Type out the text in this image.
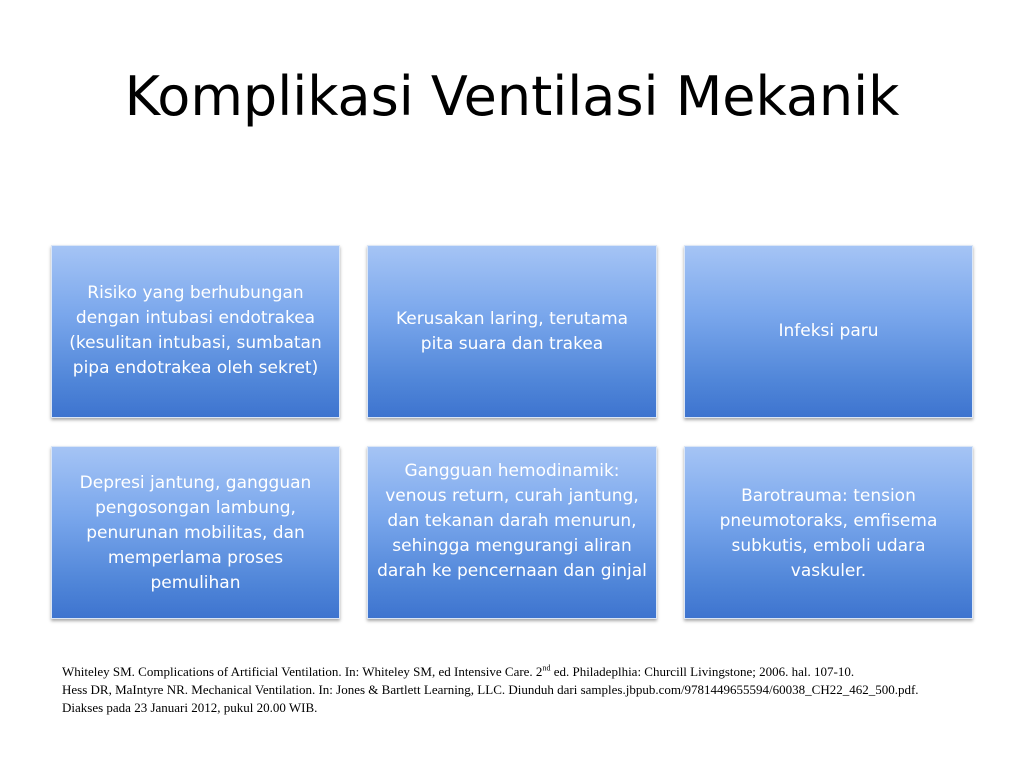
Komplikasi Ventilasi Mekanik
Risiko yang berhubungan dengan intubasi endotrakea (kesulitan intubasi, sumbatan pipa endotrakea oleh sekret)
Kerusakan laring, terutama pita suara dan trakea
Infeksi paru
Depresi jantung, gangguan pengosongan lambung, penurunan mobilitas, dan memperlama proses pemulihan
Gangguan hemodinamik: venous return, curah jantung, dan tekanan darah menurun, sehingga mengurangi aliran darah ke pencernaan dan ginjal
Barotrauma: tension pneumotoraks, emfisema subkutis, emboli udara vaskuler.
Whiteley SM. Complications of Artificial Ventilation. In: Whiteley SM, ed Intensive Care. 2nd ed. Philadeplhia: Churcill Livingstone; 2006. hal. 107-10.
Hess DR, MaIntyre NR. Mechanical Ventilation. In: Jones & Bartlett Learning, LLC. Diunduh dari samples.jbpub.com/9781449655594/60038_CH22_462_500.pdf. Diakses pada 23 Januari 2012, pukul 20.00 WIB.
